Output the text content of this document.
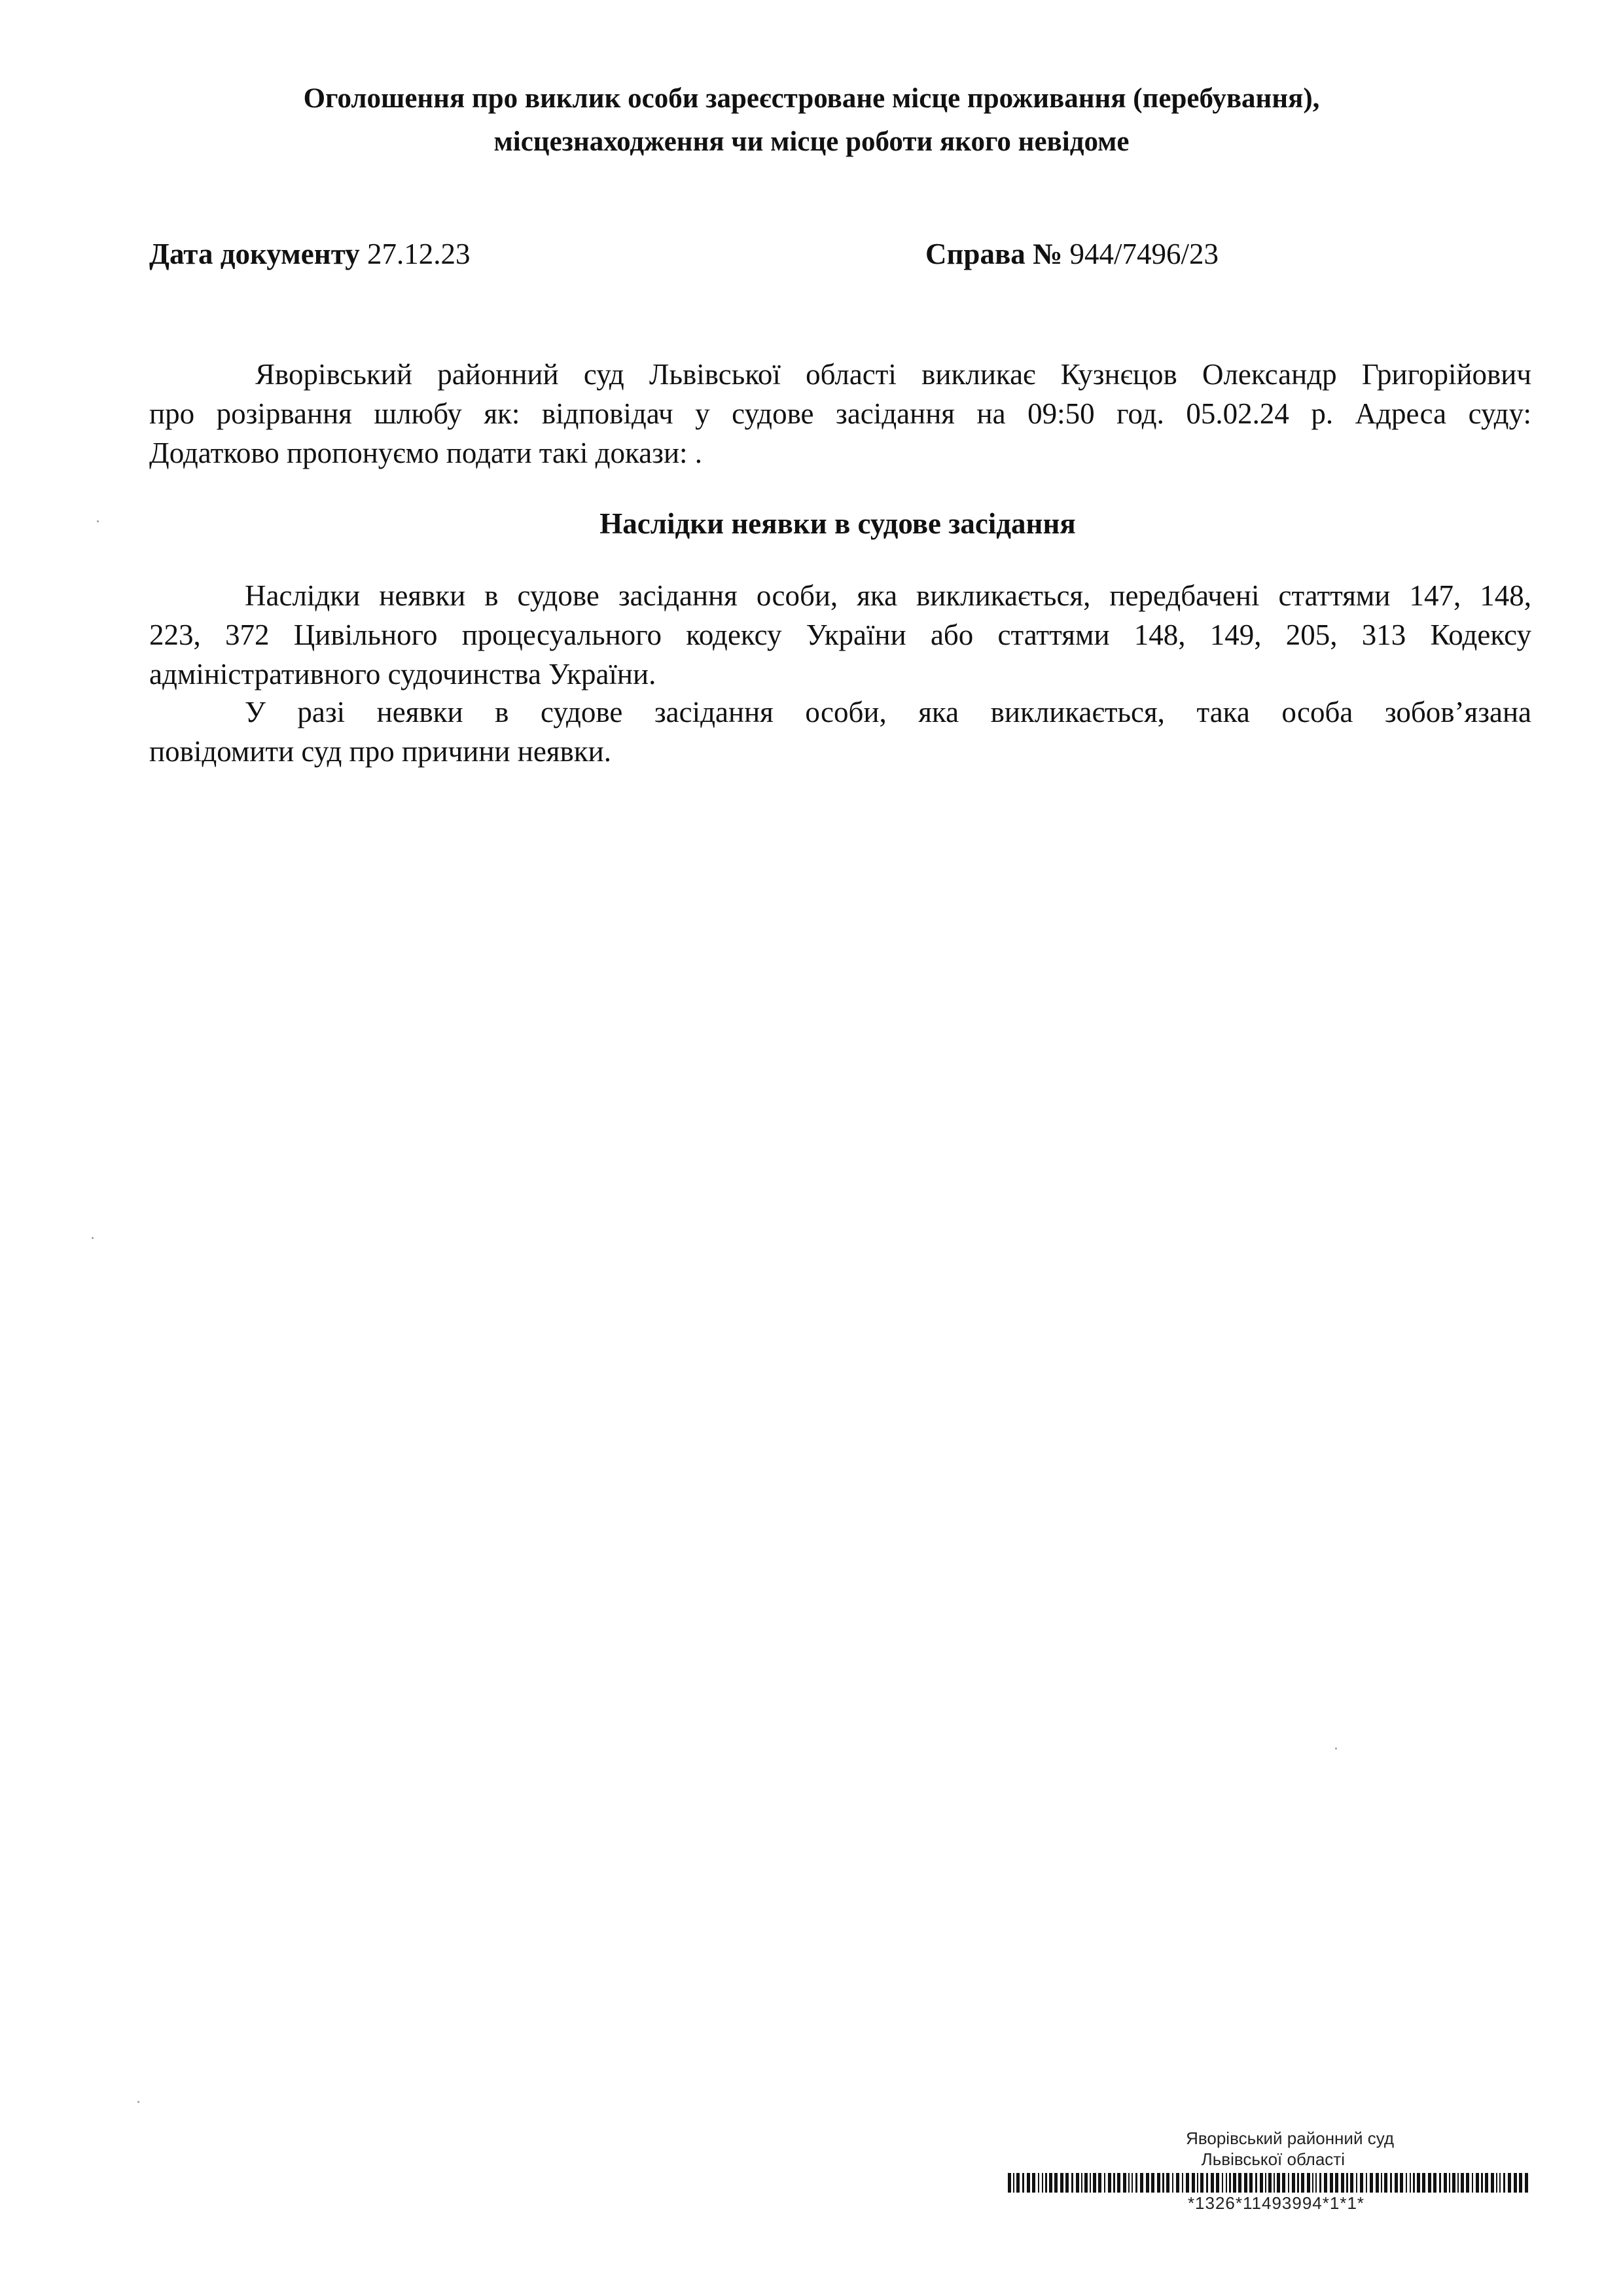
Оголошення про виклик особи зареєстроване місце проживання (перебування),
місцезнаходження чи місце роботи якого невідоме
Дата документу 27.12.23	Справа № 944/7496/23
Яворівський районний суд Львівської області викликає Кузнєцов Олександр Григорійович
про розірвання шлюбу як: відповідач у судове засідання на 09:50 год. 05.02.24 р. Адреса суду:
Додатково пропонуємо подати такі докази: .
Наслідки неявки в судове засідання
Наслідки неявки в судове засідання особи, яка викликається, передбачені статтями 147, 148,
223, 372 Цивільного процесуального кодексу України або статтями 148, 149, 205, 313 Кодексу
адміністративного судочинства України.
У разі неявки в судове засідання особи, яка викликається, така особа зобов’язана
повідомити суд про причини неявки.
Яворівський районний суд
Львівської області
*1326*11493994*1*1*
